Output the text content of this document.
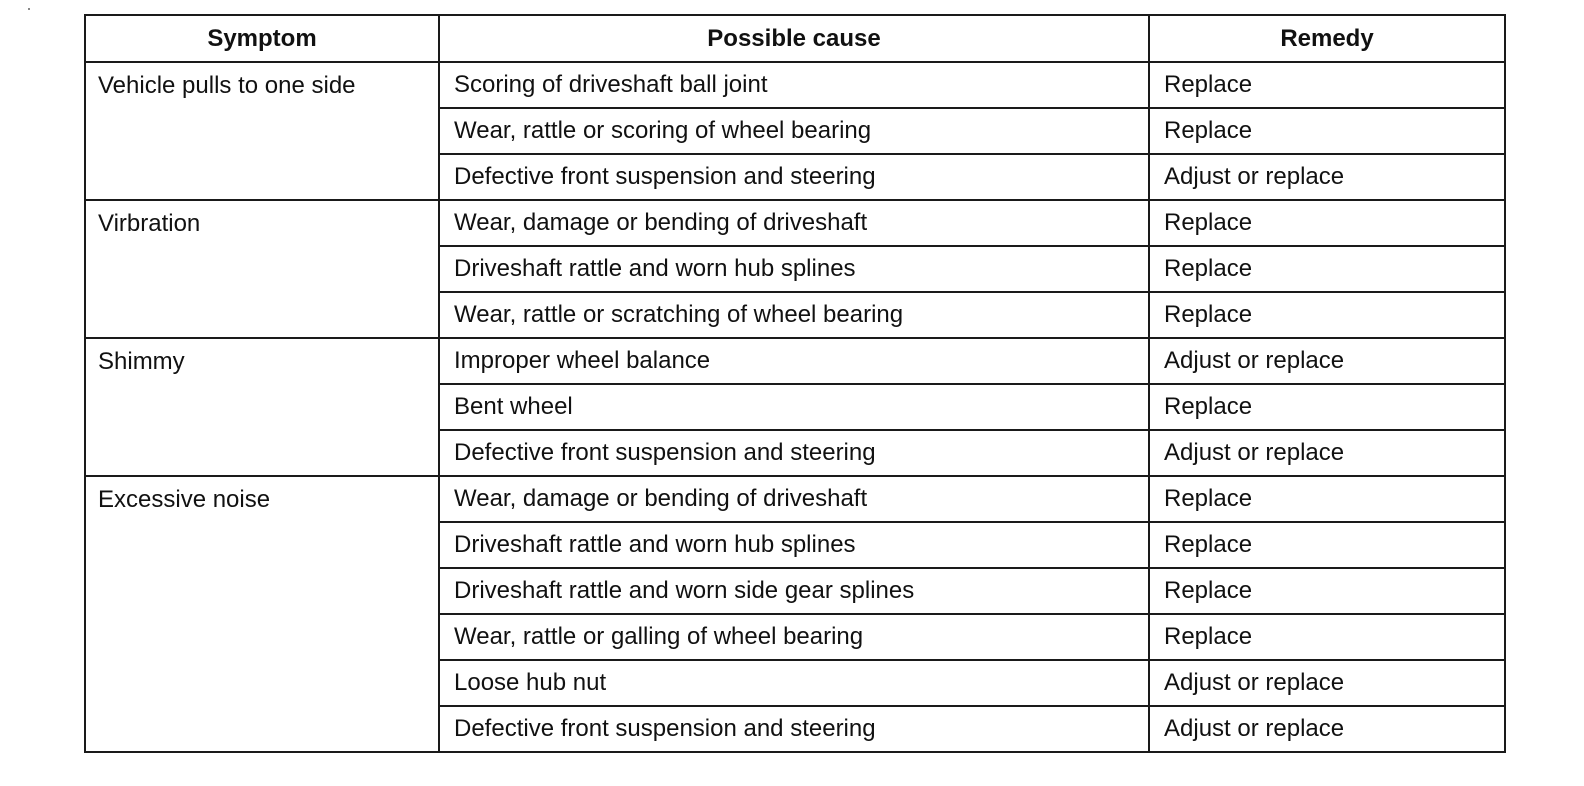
Symptom	Possible cause	Remedy
Vehicle pulls to one side	Scoring of driveshaft ball joint	Replace
	Wear, rattle or scoring of wheel bearing	Replace
	Defective front suspension and steering	Adjust or replace
Virbration	Wear, damage or bending of driveshaft	Replace
	Driveshaft rattle and worn hub splines	Replace
	Wear, rattle or scratching of wheel bearing	Replace
Shimmy	Improper wheel balance	Adjust or replace
	Bent wheel	Replace
	Defective front suspension and steering	Adjust or replace
Excessive noise	Wear, damage or bending of driveshaft	Replace
	Driveshaft rattle and worn hub splines	Replace
	Driveshaft rattle and worn side gear splines	Replace
	Wear, rattle or galling of wheel bearing	Replace
	Loose hub nut	Adjust or replace
	Defective front suspension and steering	Adjust or replace
